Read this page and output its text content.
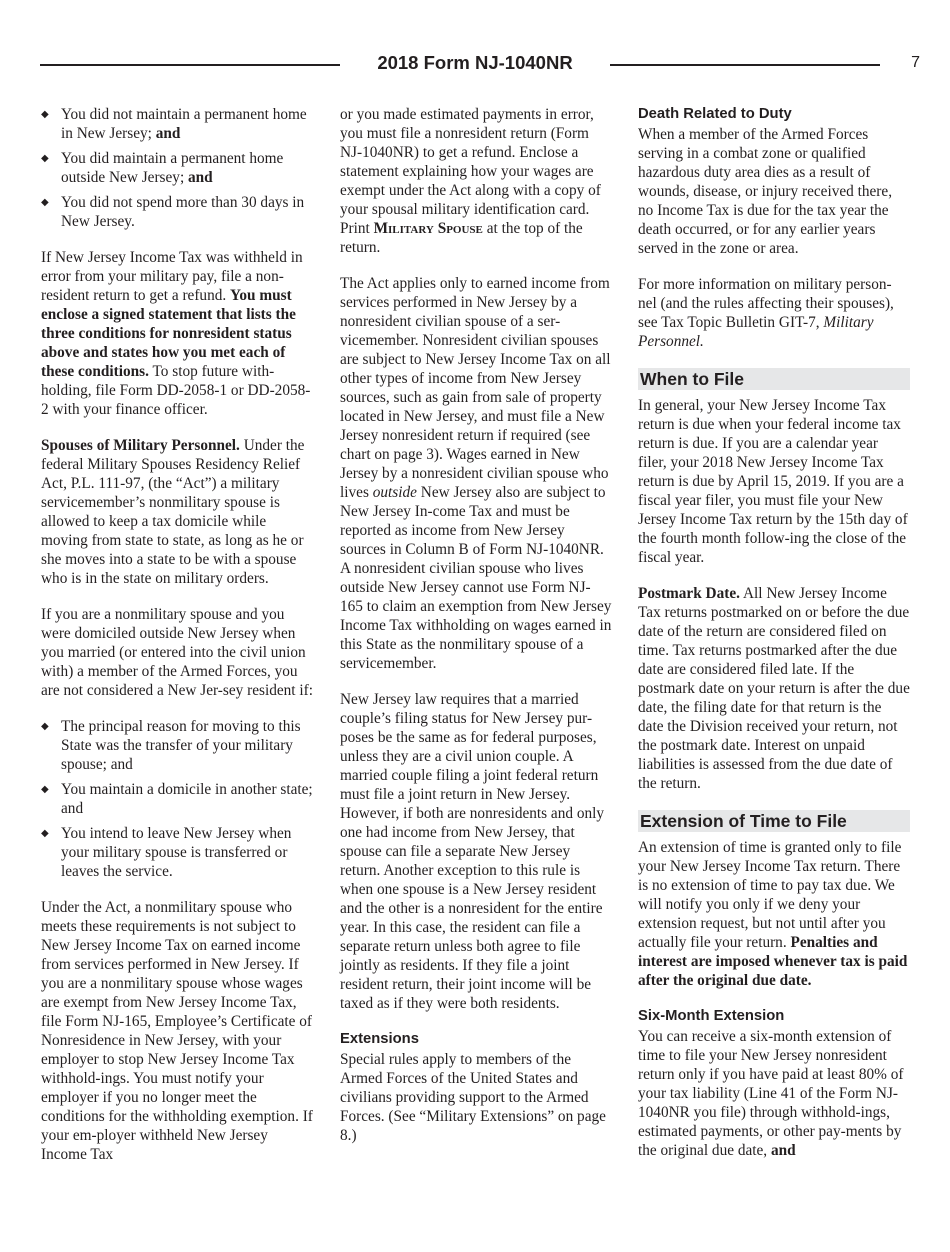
2018 Form NJ-1040NR	7
◆ You did not maintain a permanent home in New Jersey; and
◆ You did maintain a permanent home outside New Jersey; and
◆ You did not spend more than 30 days in New Jersey.

If New Jersey Income Tax was withheld in error from your military pay, file a non-resident return to get a refund. You must enclose a signed statement that lists the three conditions for nonresident status above and states how you met each of these conditions. To stop future with-holding, file Form DD-2058-1 or DD-2058-2 with your finance officer.

Spouses of Military Personnel. Under the federal Military Spouses Residency Relief Act, P.L. 111-97, (the “Act”) a military servicemember’s nonmilitary spouse is allowed to keep a tax domicile while moving from state to state, as long as he or she moves into a state to be with a spouse who is in the state on military orders.

If you are a nonmilitary spouse and you were domiciled outside New Jersey when you married (or entered into the civil union with) a member of the Armed Forces, you are not considered a New Jer-sey resident if:

◆ The principal reason for moving to this State was the transfer of your military spouse; and
◆ You maintain a domicile in another state; and
◆ You intend to leave New Jersey when your military spouse is transferred or leaves the service.

Under the Act, a nonmilitary spouse who meets these requirements is not subject to New Jersey Income Tax on earned income from services performed in New Jersey. If you are a nonmilitary spouse whose wages are exempt from New Jersey Income Tax, file Form NJ-165, Employee’s Certificate of Nonresidence in New Jersey, with your employer to stop New Jersey Income Tax withhold-ings. You must notify your employer if you no longer meet the conditions for the withholding exemption. If your em-ployer withheld New Jersey Income Tax

or you made estimated payments in error, you must file a nonresident return (Form NJ-1040NR) to get a refund. Enclose a statement explaining how your wages are exempt under the Act along with a copy of your spousal military identification card. Print Military Spouse at the top of the return.

The Act applies only to earned income from services performed in New Jersey by a nonresident civilian spouse of a ser-vicemember. Nonresident civilian spouses are subject to New Jersey Income Tax on all other types of income from New Jersey sources, such as gain from sale of property located in New Jersey, and must file a New Jersey nonresident return if required (see chart on page 3). Wages earned in New Jersey by a nonresident civilian spouse who lives outside New Jersey also are subject to New Jersey In-come Tax and must be reported as income from New Jersey sources in Column B of Form NJ-1040NR. A nonresident civilian spouse who lives outside New Jersey cannot use Form NJ-165 to claim an exemption from New Jersey Income Tax withholding on wages earned in this State as the nonmilitary spouse of a servicemember.

New Jersey law requires that a married couple’s filing status for New Jersey pur-poses be the same as for federal purposes, unless they are a civil union couple. A married couple filing a joint federal return must file a joint return in New Jersey. However, if both are nonresidents and only one had income from New Jersey, that spouse can file a separate New Jersey return. Another exception to this rule is when one spouse is a New Jersey resident and the other is a nonresident for the entire year. In this case, the resident can file a separate return unless both agree to file jointly as residents. If they file a joint resident return, their joint income will be taxed as if they were both residents.

Extensions

Special rules apply to members of the Armed Forces of the United States and civilians providing support to the Armed Forces. (See “Military Extensions” on page 8.)

Death Related to Duty

When a member of the Armed Forces serving in a combat zone or qualified hazardous duty area dies as a result of wounds, disease, or injury received there, no Income Tax is due for the tax year the death occurred, or for any earlier years served in the zone or area.

For more information on military person-nel (and the rules affecting their spouses), see Tax Topic Bulletin GIT-7, Military Personnel.

When to File

In general, your New Jersey Income Tax return is due when your federal income tax return is due. If you are a calendar year filer, your 2018 New Jersey Income Tax return is due by April 15, 2019. If you are a fiscal year filer, you must file your New Jersey Income Tax return by the 15th day of the fourth month follow-ing the close of the fiscal year.

Postmark Date. All New Jersey Income Tax returns postmarked on or before the due date of the return are considered filed on time. Tax returns postmarked after the due date are considered filed late. If the postmark date on your return is after the due date, the filing date for that return is the date the Division received your return, not the postmark date. Interest on unpaid liabilities is assessed from the due date of the return.

Extension of Time to File

An extension of time is granted only to file your New Jersey Income Tax return. There is no extension of time to pay tax due. We will notify you only if we deny your extension request, but not until after you actually file your return. Penalties and interest are imposed whenever tax is paid after the original due date.

Six-Month Extension

You can receive a six-month extension of time to file your New Jersey nonresident return only if you have paid at least 80% of your tax liability (Line 41 of the Form NJ-1040NR you file) through withhold-ings, estimated payments, or other pay-ments by the original due date, and
